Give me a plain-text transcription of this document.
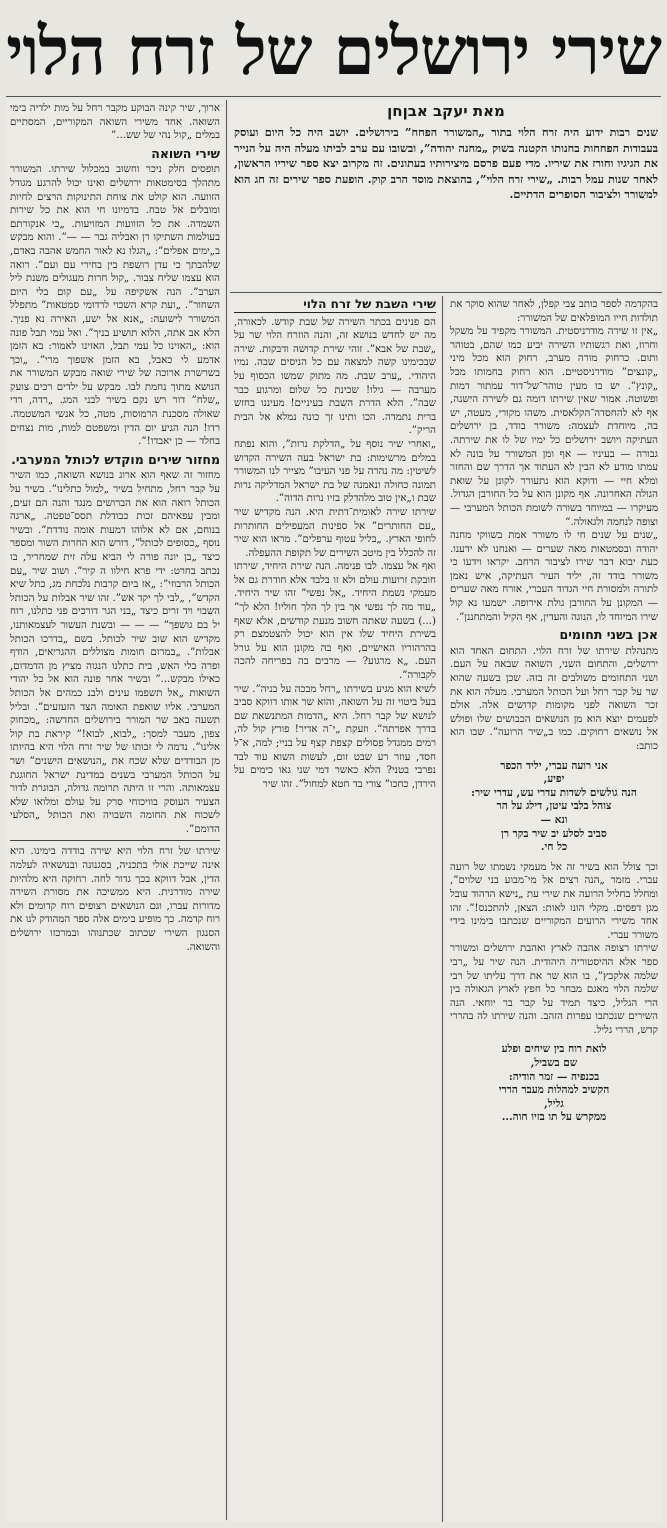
שירי ירושלים של זרח הלוי
מאת יעקב אבןחן

שנים רבות ידוע היה זרח הלוי בתור „המשורר הפחח” בירושלים. יושב היה כל היום ועוסק בעבודות הפחחות בחנותו הקטנה בשוק „מחנה יהודה”, ובשובו עם ערב לביתו מעלה היה על הנייר את הגיגיו וחורז את שיריו. מדי פעם פרסם מיצירותיו בעתונים. זה מקרוב יצא ספר שיריו הראשון, לאחר שנות עמל רבות. „שירי זרח הלוי”, בהוצאת מוסד הרב קוק. הופעת ספר שירים זה חג הוא למשורר ולציבור הסופרים הדתיים.

ארוך, שיר קינה הבוקע מקבר רחל על מות ילדיה בימי השואה. אחד משירי השואה המקוריים, המסתיים במלים „קול נהי של שש...”

שירי השואה

תופסים חלק ניכר וחשוב במכלול שירתו. המשורר מתהלך בסימטאות ירושלים ואינו יכול להרגע מגודל הזוועה. הוא קולט את צוחת התינוקות הרצים לחיות ומובלים אל טבח. בדמיונו חי הוא את כל שירות השמדה. את כל הזוועות המזויעות. „כי אנקורתם בעולמות השתיקו רן ואבליה גבר — —”. והוא מבקש ב„ימים אפלים”: „הגלו נא לאור החמש אהבה באדם, שלהבתך כי עדן רושפת בין בחירי עם ועם”. רואה הוא עצמו שליח צבור. „קול חרות מעגולים משנת ליל הערב”. הנה אשקיפה על „עם קום בלי היום השחור”. „ועת קרא השכוי לרדומי סמטאות” מתפלל המשורר לישועה: „אנא אל ישע, האירה נא פניך. הלא אב אתה, הלוא תושיע בניך”. ואל עמי תבל פונה הוא: „האזינו כל עמי תבל, האזינו לאמור: בא הזמן אדמע לי כאבל, בא הזמן אשפוך מרי”. „וכך בשרשרת ארוכה של שירי שואה מבקש המשורר את הנושא מתוך נחמת לבו. מבקש על ילדים רכים צועק „שלח” דור רש נקם בשיר לבני המג. „רדה, רדי שאולה מסכנת הרמוסות, מטה, כל אנשי המשטמה. רדו! הנה הגיע יום הדין ומשפטם למות, מות נצחים בחלד — כן יאבדו!”.

מחזור שירים מוקדש לכותל המערבי.

מחזור זה שאף הוא ארוג בנושא השואה, כמו השיר על קבר רחל, מתחיל בשיר „למול כתלינו”. בשיר על הכותל רואה הוא את הברושים מנגד והנה הם זעים, ומבין עפאיהם זכות כבודלת תסס־טפטה. „ארגה בנוחם, אם לא אלוהו דמעות אומה נודדת”. ובשיר נוסף „כסופים לכותל”, דורש הוא החרות השור ומספר כיצד „בן יונה פורה לי הביא עלה זית שמחריר, בו נכתב בחרט: ידי פרא חילוו ה קיר”. ושוב שיר „עם הכותל הרבוזי”: „אז ביום קרבות נלכחת מג, כתל שיא הקדש”, „לבי לך יקד אש”. זהו שיר אבלות על הכותל השבוי ויד זרים כיצד „בני הגר דורכים פני כתלנו, רוח יל בם גושפך” — — — ובשנת העשור לעצמאותנו, מקדיש הוא שוב שיר לכותל. בשם „בדרכו הכותל אבלות”. „במרום חומות מצוללים ההגריאים, הודף ופרה בלי האש, בית כתלנו הנגוה מציץ מן הדמדום, כאילו מבקש...” ובשיר אחר פונה הוא אל כל יהודי השואות „אל תשפמו עינים ולבנ כמהים אל הכותל המערבי. אליו שואפת האומה הצד הזעזעים”. ובליל תשעה באב שר המורר בירושלים החדשה: „מכחוק צפון, מעבר למסך: „לבוא, לבוא!” קיראת בת קול אלינו”. נדמה לי זכותו של שיר זרח הלוי היא בהיותו מן הבודדים שלא שכח את „הנושאים הישנים” ושר על הכותל המערבי בשנים במדינת ישראל החוגגת עצמאותה. והרי זו היתה תרומה גדולה, הבוגרת לדור הצעיר העוסק בוויכוחי סרק על עולם ומלואו שלא לשכוח את החומה השבויה ואת הכותל „הסלעי הדומם”.

שירתו של זרח הלוי היא שירה בודדה בימינו. היא אינה שייכת אולי בתכניה, בסגנונה ובנושאיה לעלמה הדין, אבל דווקא בכך גדור לחה. רחוקה היא מלהיות שירה מודרנית. היא ממשיכה את מסורת השירה מדורות עברו, וגם הנושאים רצופים רוח קדומים ולא רוח קדמה. כך מופיע בימים אלה ספר המהודק לנו את הסנגון השירי שכתוב שכתנוהו ובמרכזו ירושלים והשואה.

שירי השבת של זרח הלוי

הם פנינים בכתר השירה של שבת קודש. לכאורה, מה יש לחדש בנושא זה, והנה הוזרח הלוי שר על „שבת של אבא”. זוהי שירת קדושה ודבקות. שירה שבכימינו קשה למצאה עם כל הניסים שבה. נמיו היהודי. „ערב שבת. מה מתוק שמשו הכסוף על מערבה — גילו! שכינת כל שלום ומרגוע כבר שבה”. הלא הדרת השבת בעיניים! מעיננו בחזש ברית נתמדה. הכו ותינו זך כונה נמלא אל הבית הריק”.
„ואחרי שיר נוסף על „הדלקת נרות”, והוא נפתח במלים מרשימות: בת ישראל בעה השירה הקדוש לשיטין: מה נהרה על פני העיבו” מצייר לנו המשורר תמונה כחולה ונאמנה של בת ישראל המדליקה נרות שבת ו„אין טוב מלהדלק בזיו נרות הדוה”.
שירתו שירה לאומית־דתית היא. הנה מקדיש שיר „עם החותרים” אל ספינות המעפילים החותרות לחופי הארץ. „בליל עטוף ערפלים”. מראו הוא שיר זה להכלל בין מיטב השירים של תקופת ההעפלה.
ואף אל עצמו. לבו פנימה. הנה שירת היחיד, שירתו חובקת זרועות עולם ולא זו בלבד אלא חודרת גם אל מעמקי נשמת היחיד. „אל נפשי” זהו שיר היחיד. „עוד מה לך נפשי אך בין לך הלך חוליו! הלא לך” (...) בשעה שאתה חשוב מנעת קודשים, אלא שאף בשירת היחיד שלו אין הוא יכול להצטמצם רק בהרהוריו האישיים, ואף בה מקונן הוא על גורל העם. „א מרגוע? — מרבים בה בפריחה להכה לקבורה”.
לשיא הוא מגיע בשירתו „רחל מבכה על בניה”. שיר בעל ביטוי זה על השואה, והוא שר אותו דווקא סביב לנושא של קבר רחל. היא „הדמות המתנשאת שם בדרך אפרתה”. וזעקת „י־ה אדיר! פורץ קול לה, רמים ממגדל פסולים קצפת קצף על בניי; למה, א־ל חסד, עוזר רע שבט זום, לעשות השוא עוד לבד נפרבי בטני? הלא כאשר דמי שני גאו כימים על הירדן, כחכו” צורי בד חטא למחול”. זהו שיר

בהקדמה לספר כותב צבי קפלן, לאחר שהוא סוקר את תולדות חייו המופלאים של המשורר:
„אין זו שירה מודרניסטית. המשורר מקפיד על משקל וחרוז, ואת רגשותיו השירה יביע כמו שהם, בטוהר ותום. כרחוק מורה מערב, רחוק הוא מכל מיני „קונצים” מודרניסטיים. הוא רחוק בחמותו מכל „קונץ”. יש בו מעין טוהר־של־דור עמתור דמות ופשוטה. אמור שאין שירתו דומה גם לשירה הישנה, אף לא להחסדה־הקלאסית. משהו מקורי, מעטה, יש בה, מיוחדת לעצמה: משורר בודד, בן ירושלים העתיקה ויושב ירושלים כל ימיו של לו את שירתה. גבורה — בעיניו — אף ומן המשורר על בונה לא עמתו מודע לא הבין לא העתוד אך הדרך שם והחזר ומלא חיי — ודוקא הוא נתעורר לקונן על שואת הגולה האחרונה. אף מקונן הוא על כל החורבן הגדול. מעיקרו — במיוחד בשורה לשומת הכותל המערבי — וצופה לנחמה ולגאולה.”
„שנים על שנים חי לו משורר אמת בשווקי מחנה יהודה ובסמטאות מאה שערים — ואנחנו לא ידענו. כעת יבוא דבר שירו לציבור הרחב. יקראו וידעו כי משורר בודד זה, יליד העיר העתיקה, איש נאמן לתורה ולמסורת חיי הגדוד העברי, אורח מאה שערים — המקונן על החורבן גולת אירופה. ישמעו נא קול שירו המיוחד לו, הנוגה והעדין, אף הקיל והמתחננן”.

אכן בשני תחומים

מתנהלת שירתו של זרח הלוי. התחום האחד הוא ירושלים, והתחום השני, השואה שבאה על העם. ושני התחומים משולבים זה בזה. שכן בשעה שהוא שר על קבר רחל ועל הכותל המערבי. מעלה הוא את זכר השואה לפני מקומות קדושים אלה. אולם לפעמים יוצא הוא מן הנושאים הכבושים שלו ופולש אל נושאים רחוקים. כמו ב„שיר הרועה”. שבו הוא כותב:

אני רועה עברי, יליד הכפר
יפיע,
הנה גולשים לשדות עדרי עש, עדרי שיר:
צוהל בלבי עיטן, דילג על הר
ונא —
סביב לסלע יב שיר בקר רן
כל חי.

וכך צולל הוא בשיר זה אל מעמקי נשמתו של רועה עברי. מזמר „הנה רצים אל מי־מבוע בני שלוים”, ומחלל בחליל הרועה את שירי עת „נישא הדהוד עובל מגן דפסים. מקלי הונו לאות: הצאן, להתכנס!”. זהו אחד משירי הרועים המקוריים שנכתבו בימינו בידי משורר עברי.
שירתו רצופה אהבה לארץ ואהבת ירושלים ומשורר ספר אלא ההיסטוריה היהודית. הנה שיר על „רבי שלמה אלקבץ”, בו הוא שר את דרך עליתו של רבי שלמה הלוי מאגם מבחר כל חפץ לארץ הגאולה בין הרי הגליל, כיצד תמיד על קבר בר יוחאי. הנה השירים שנכתבו עפרות הזהב. והנה שירתו לה בהררי קדש, הררי גליל.

לואת רוח בין שיחים ופלע
שם בשביל,
בכנפיה — זמר הודיה:
הקשיב למהלות מעבר הררי
גליל,
ממקרש על תו בזיו חוה...
